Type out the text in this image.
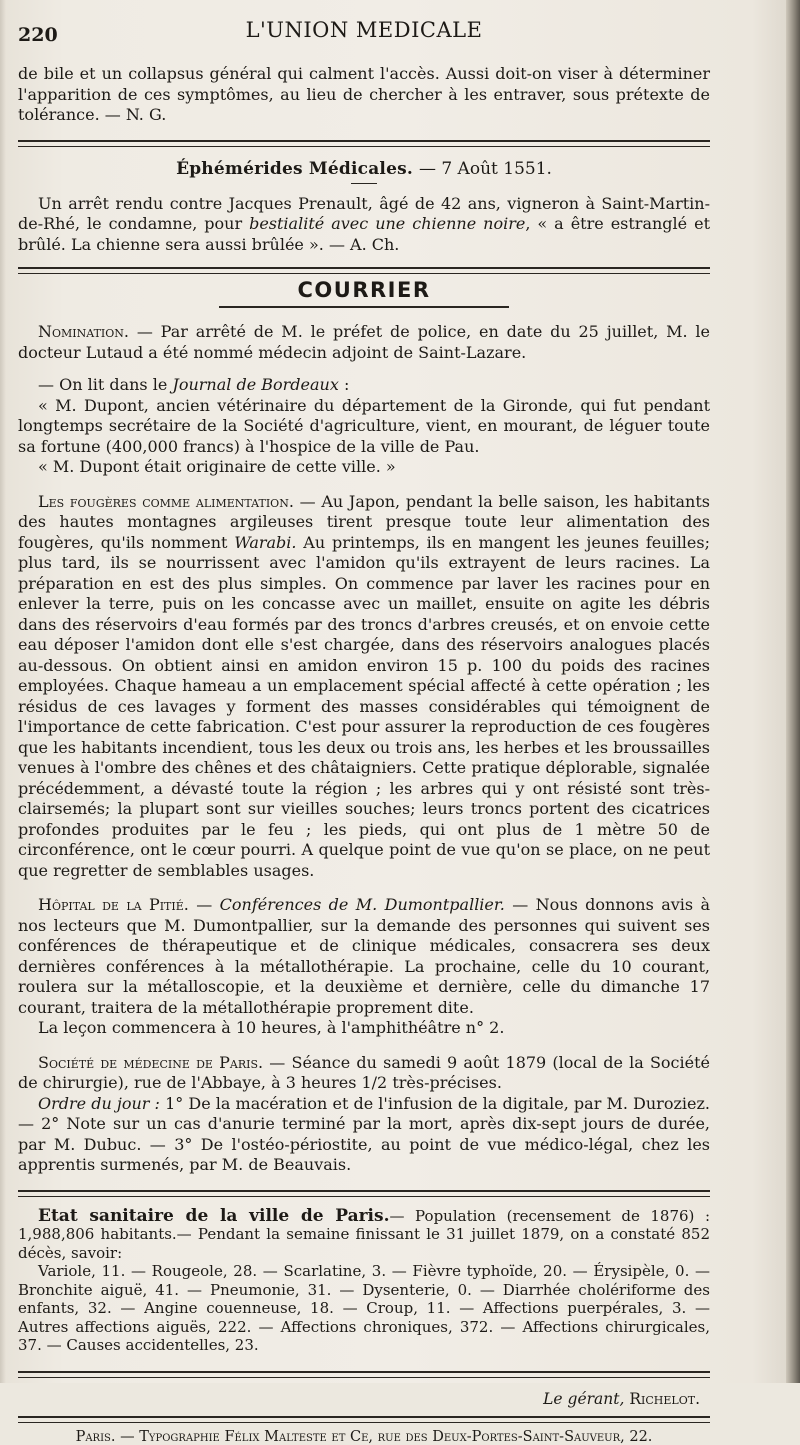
220	L'UNION MEDICALE

de bile et un collapsus général qui calment l'accès. Aussi doit-on viser à déterminer l'apparition de ces symptômes, au lieu de chercher à les entraver, sous prétexte de tolérance. — N. G.

Éphémérides Médicales. — 7 Août 1551.

Un arrêt rendu contre Jacques Prenault, âgé de 42 ans, vigneron à Saint-Martin-de-Rhé, le condamne, pour bestialité avec une chienne noire, « a être estranglé et brûlé. La chienne sera aussi brûlée ». — A. Ch.

COURRIER

Nomination. — Par arrêté de M. le préfet de police, en date du 25 juillet, M. le docteur Lutaud a été nommé médecin adjoint de Saint-Lazare.

— On lit dans le Journal de Bordeaux :

« M. Dupont, ancien vétérinaire du département de la Gironde, qui fut pendant longtemps secrétaire de la Société d'agriculture, vient, en mourant, de léguer toute sa fortune (400,000 francs) à l'hospice de la ville de Pau.

« M. Dupont était originaire de cette ville. »

Les fougères comme alimentation. — Au Japon, pendant la belle saison, les habitants des hautes montagnes argileuses tirent presque toute leur alimentation des fougères, qu'ils nomment Warabi. Au printemps, ils en mangent les jeunes feuilles; plus tard, ils se nourrissent avec l'amidon qu'ils extrayent de leurs racines. La préparation en est des plus simples. On commence par laver les racines pour en enlever la terre, puis on les concasse avec un maillet, ensuite on agite les débris dans des réservoirs d'eau formés par des troncs d'arbres creusés, et on envoie cette eau déposer l'amidon dont elle s'est chargée, dans des réservoirs analogues placés au-dessous. On obtient ainsi en amidon environ 15 p. 100 du poids des racines employées. Chaque hameau a un emplacement spécial affecté à cette opération ; les résidus de ces lavages y forment des masses considérables qui témoignent de l'importance de cette fabrication. C'est pour assurer la reproduction de ces fougères que les habitants incendient, tous les deux ou trois ans, les herbes et les broussailles venues à l'ombre des chênes et des châtaigniers. Cette pratique déplorable, signalée précédemment, a dévasté toute la région ; les arbres qui y ont résisté sont très-clairsemés; la plupart sont sur vieilles souches; leurs troncs portent des cicatrices profondes produites par le feu ; les pieds, qui ont plus de 1 mètre 50 de circonférence, ont le cœur pourri. A quelque point de vue qu'on se place, on ne peut que regretter de semblables usages.

Hôpital de la Pitié. — Conférences de M. Dumontpallier. — Nous donnons avis à nos lecteurs que M. Dumontpallier, sur la demande des personnes qui suivent ses conférences de thérapeutique et de clinique médicales, consacrera ses deux dernières conférences à la métallothérapie. La prochaine, celle du 10 courant, roulera sur la métalloscopie, et la deuxième et dernière, celle du dimanche 17 courant, traitera de la métallothérapie proprement dite.

La leçon commencera à 10 heures, à l'amphithéâtre n° 2.

Société de médecine de Paris. — Séance du samedi 9 août 1879 (local de la Société de chirurgie), rue de l'Abbaye, à 3 heures 1/2 très-précises.

Ordre du jour : 1° De la macération et de l'infusion de la digitale, par M. Duroziez. — 2° Note sur un cas d'anurie terminé par la mort, après dix-sept jours de durée, par M. Dubuc. — 3° De l'ostéo-périostite, au point de vue médico-légal, chez les apprentis surmenés, par M. de Beauvais.

Etat sanitaire de la ville de Paris.— Population (recensement de 1876) : 1,988,806 habitants.— Pendant la semaine finissant le 31 juillet 1879, on a constaté 852 décès, savoir:

Variole, 11. — Rougeole, 28. — Scarlatine, 3. — Fièvre typhoïde, 20. — Érysipèle, 0. — Bronchite aiguë, 41. — Pneumonie, 31. — Dysenterie, 0. — Diarrhée cholériforme des enfants, 32. — Angine couenneuse, 18. — Croup, 11. — Affections puerpérales, 3. — Autres affections aiguës, 222. — Affections chroniques, 372. — Affections chirurgicales, 37. — Causes accidentelles, 23.

Le gérant, Richelot.
Paris. — Typographie Félix Malteste et Ce, rue des Deux-Portes-Saint-Sauveur, 22.
